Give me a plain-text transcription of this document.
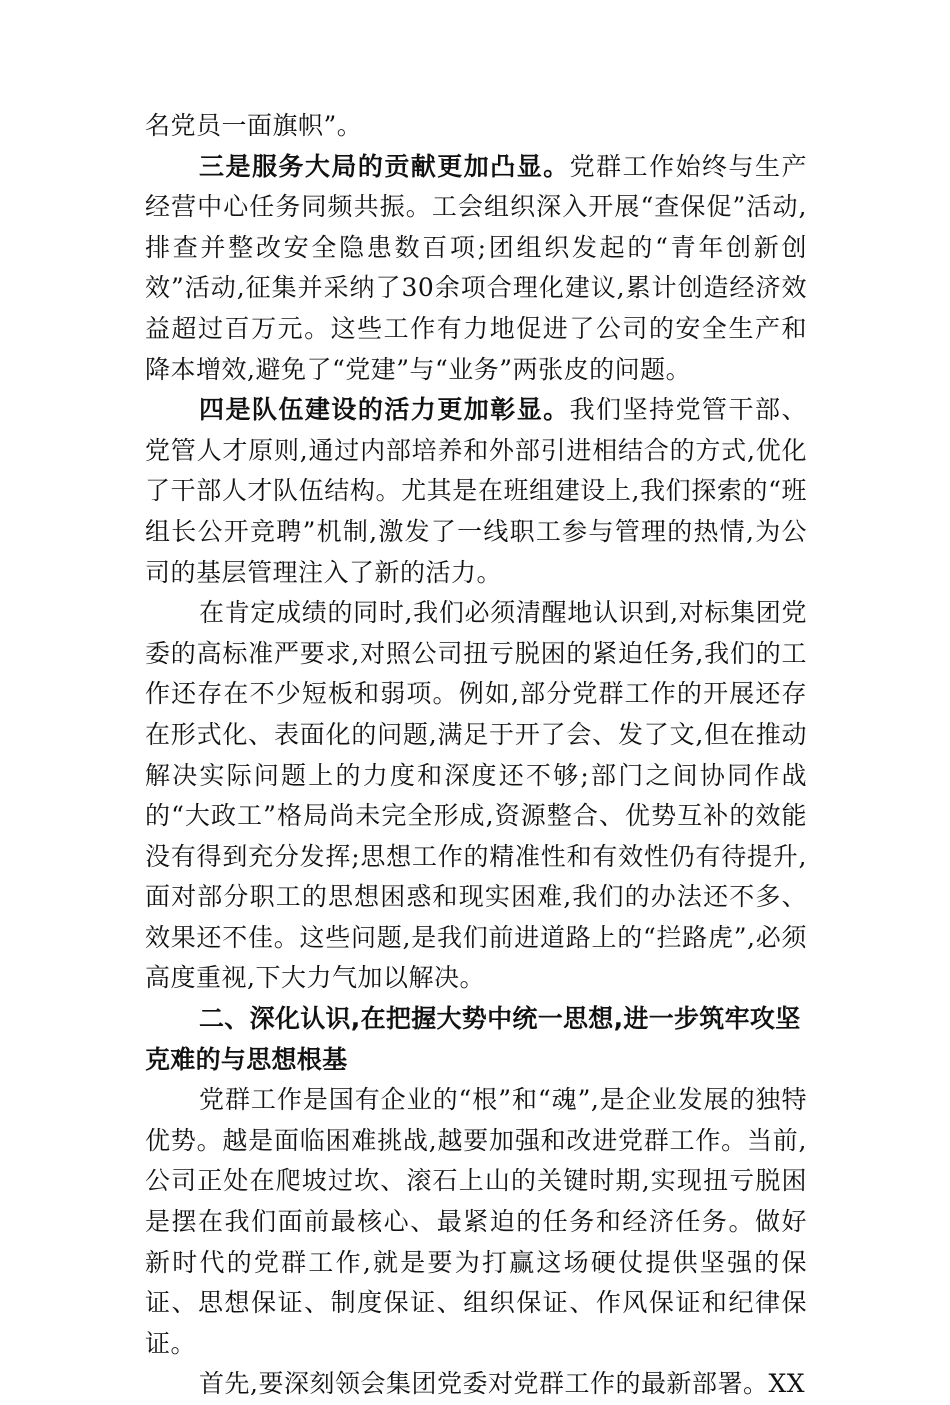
名党员一面旗帜”。

三是服务大局的贡献更加凸显。党群工作始终与生产经营中心任务同频共振。工会组织深入开展“查保促”活动,排查并整改安全隐患数百项;团组织发起的“青年创新创效”活动,征集并采纳了30余项合理化建议,累计创造经济效益超过百万元。这些工作有力地促进了公司的安全生产和降本增效,避免了“党建”与“业务”两张皮的问题。

四是队伍建设的活力更加彰显。我们坚持党管干部、党管人才原则,通过内部培养和外部引进相结合的方式,优化了干部人才队伍结构。尤其是在班组建设上,我们探索的“班组长公开竞聘”机制,激发了一线职工参与管理的热情,为公司的基层管理注入了新的活力。

在肯定成绩的同时,我们必须清醒地认识到,对标集团党委的高标准严要求,对照公司扭亏脱困的紧迫任务,我们的工作还存在不少短板和弱项。例如,部分党群工作的开展还存在形式化、表面化的问题,满足于开了会、发了文,但在推动解决实际问题上的力度和深度还不够;部门之间协同作战的“大政工”格局尚未完全形成,资源整合、优势互补的效能没有得到充分发挥;思想工作的精准性和有效性仍有待提升,面对部分职工的思想困惑和现实困难,我们的办法还不多、效果还不佳。这些问题,是我们前进道路上的“拦路虎”,必须高度重视,下大力气加以解决。

二、深化认识,在把握大势中统一思想,进一步筑牢攻坚克难的与思想根基

党群工作是国有企业的“根”和“魂”,是企业发展的独特优势。越是面临困难挑战,越要加强和改进党群工作。当前,公司正处在爬坡过坎、滚石上山的关键时期,实现扭亏脱困是摆在我们面前最核心、最紧迫的任务和经济任务。做好新时代的党群工作,就是要为打赢这场硬仗提供坚强的保证、思想保证、制度保证、组织保证、作风保证和纪律保证。

首先,要深刻领会集团党委对党群工作的最新部署。XX
